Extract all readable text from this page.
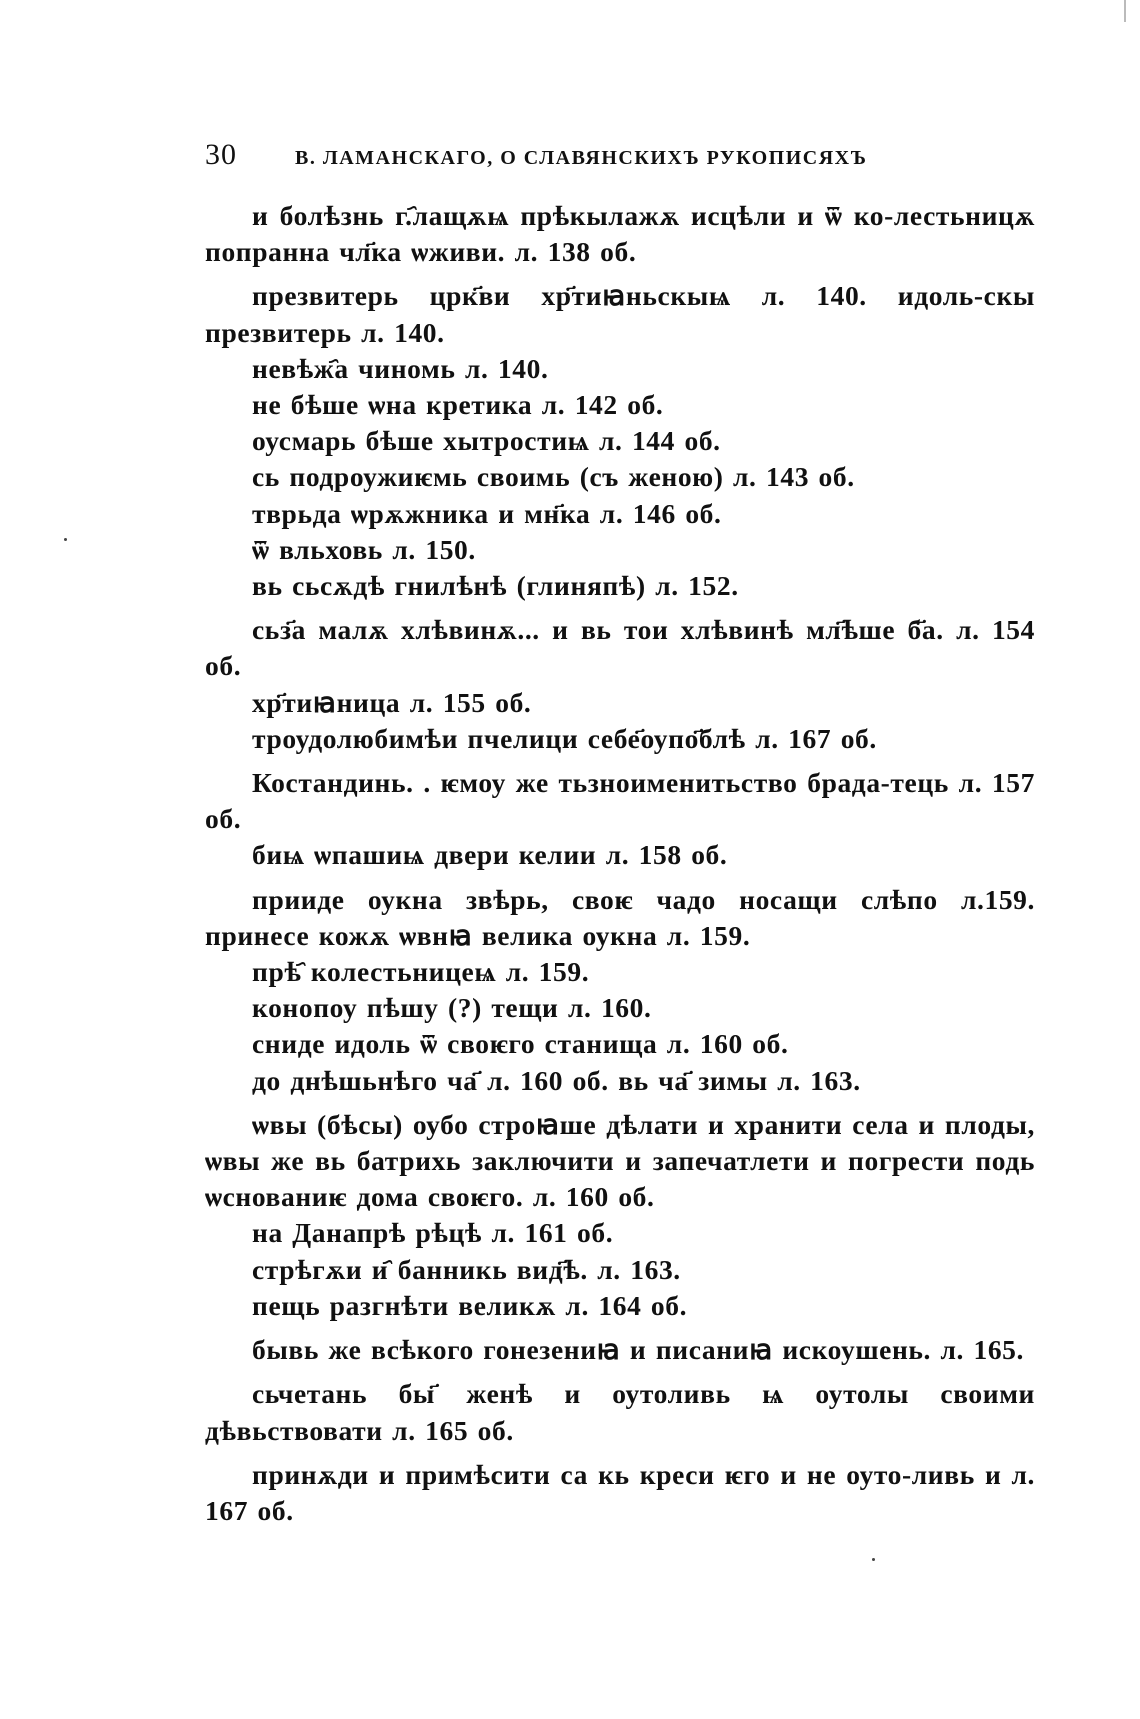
30	В. ЛАМАНСКАГО, О СЛАВЯНСКИХЪ РУКОПИСЯХЪ

и болѣзнь г.҄лащѫѩ прѣкылажѫ исцѣли и ѿ ко-лестьницѫ попранна чл҃ка ѡживи. л. 138 об.

презвитерь црк҃ви хр҃тиꙗньскыѩ л. 140. идоль-скы презвитерь л. 140.

невѣж҄а чиномь л. 140.

не бѣше ѡна кретика л. 142 об.

оусмарь бѣше хытростиѩ л. 144 об.

сь подроужиѥмь своимь (съ женою) л. 143 об.

тврьда ѡрѫжника и мн҃ка л. 146 об.

ѿ вльховь л. 150.

вь сьсѫдѣ гнилѣнѣ (глиняпѣ) л. 152.

сьз҃а малѫ хлѣвинѫ... и вь тои хлѣвинѣ мл҃ѣше б҃а. л. 154 об.

хр҃тиꙗница л. 155 об.

троудолюбимѣи пчелици себе҃оупо҃блѣ л. 167 об.

Костандинь. . ѥмоу же тьзноименитьство брада-тець л. 157 об.

биѩ ѡпашиѩ двери келии л. 158 об.

прииде оукна звѣрь, своѥ чадо носащи слѣпо л.159. принесе кожѫ ѡвнꙗ велика оукна л. 159.

прѣ҄ колестьницеѩ л. 159.

конопоу пѣшу (?) тещи л. 160.

сниде идоль ѿ своѥго станища л. 160 об.

до днѣшьнѣго ча҃ л. 160 об. вь ча҃ зимы л. 163.

ѡвы (бѣсы) оубо строꙗше дѣлати и хранити села и плоды, ѡвы же вь батрихь заключити и запечатлети и погрести подь ѡснованиѥ дома своѥго. л. 160 об.

на Данапрѣ рѣцѣ л. 161 об.

стрѣгѫи и҄ банникь вид҃ѣ. л. 163.

пещь разгнѣти великѫ л. 164 об.

бывь же всѣкого гонезениꙗ и писаниꙗ искоушень. л. 165.

сьчетань бы҃ женѣ и оутоливь ѩ оутолы своими дѣвьствовати л. 165 об.

принѫди и примѣсити са кь креси ѥго и не оуто-ливь и л. 167 об.
